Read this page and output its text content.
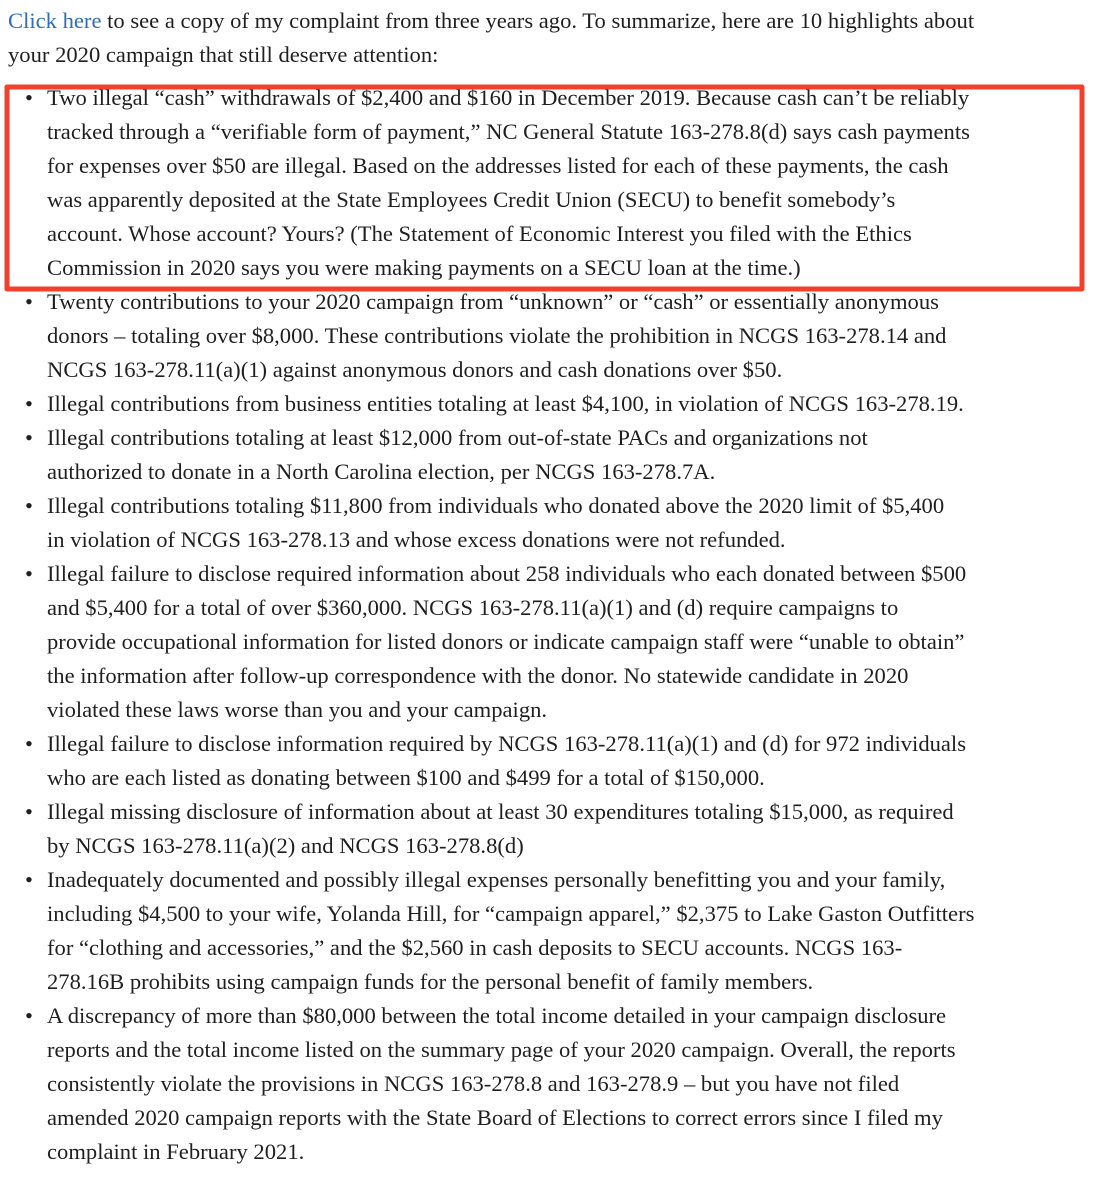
Click here to see a copy of my complaint from three years ago. To summarize, here are 10 highlights about
your 2020 campaign that still deserve attention:

• Two illegal “cash” withdrawals of $2,400 and $160 in December 2019. Because cash can’t be reliably
tracked through a “verifiable form of payment,” NC General Statute 163-278.8(d) says cash payments
for expenses over $50 are illegal. Based on the addresses listed for each of these payments, the cash
was apparently deposited at the State Employees Credit Union (SECU) to benefit somebody’s
account. Whose account? Yours? (The Statement of Economic Interest you filed with the Ethics
Commission in 2020 says you were making payments on a SECU loan at the time.)
• Twenty contributions to your 2020 campaign from “unknown” or “cash” or essentially anonymous
donors – totaling over $8,000. These contributions violate the prohibition in NCGS 163-278.14 and
NCGS 163-278.11(a)(1) against anonymous donors and cash donations over $50.
• Illegal contributions from business entities totaling at least $4,100, in violation of NCGS 163-278.19.
• Illegal contributions totaling at least $12,000 from out-of-state PACs and organizations not
authorized to donate in a North Carolina election, per NCGS 163-278.7A.
• Illegal contributions totaling $11,800 from individuals who donated above the 2020 limit of $5,400
in violation of NCGS 163-278.13 and whose excess donations were not refunded.
• Illegal failure to disclose required information about 258 individuals who each donated between $500
and $5,400 for a total of over $360,000. NCGS 163-278.11(a)(1) and (d) require campaigns to
provide occupational information for listed donors or indicate campaign staff were “unable to obtain”
the information after follow-up correspondence with the donor. No statewide candidate in 2020
violated these laws worse than you and your campaign.
• Illegal failure to disclose information required by NCGS 163-278.11(a)(1) and (d) for 972 individuals
who are each listed as donating between $100 and $499 for a total of $150,000.
• Illegal missing disclosure of information about at least 30 expenditures totaling $15,000, as required
by NCGS 163-278.11(a)(2) and NCGS 163-278.8(d)
• Inadequately documented and possibly illegal expenses personally benefitting you and your family,
including $4,500 to your wife, Yolanda Hill, for “campaign apparel,” $2,375 to Lake Gaston Outfitters
for “clothing and accessories,” and the $2,560 in cash deposits to SECU accounts. NCGS 163-
278.16B prohibits using campaign funds for the personal benefit of family members.
• A discrepancy of more than $80,000 between the total income detailed in your campaign disclosure
reports and the total income listed on the summary page of your 2020 campaign. Overall, the reports
consistently violate the provisions in NCGS 163-278.8 and 163-278.9 – but you have not filed
amended 2020 campaign reports with the State Board of Elections to correct errors since I filed my
complaint in February 2021.
